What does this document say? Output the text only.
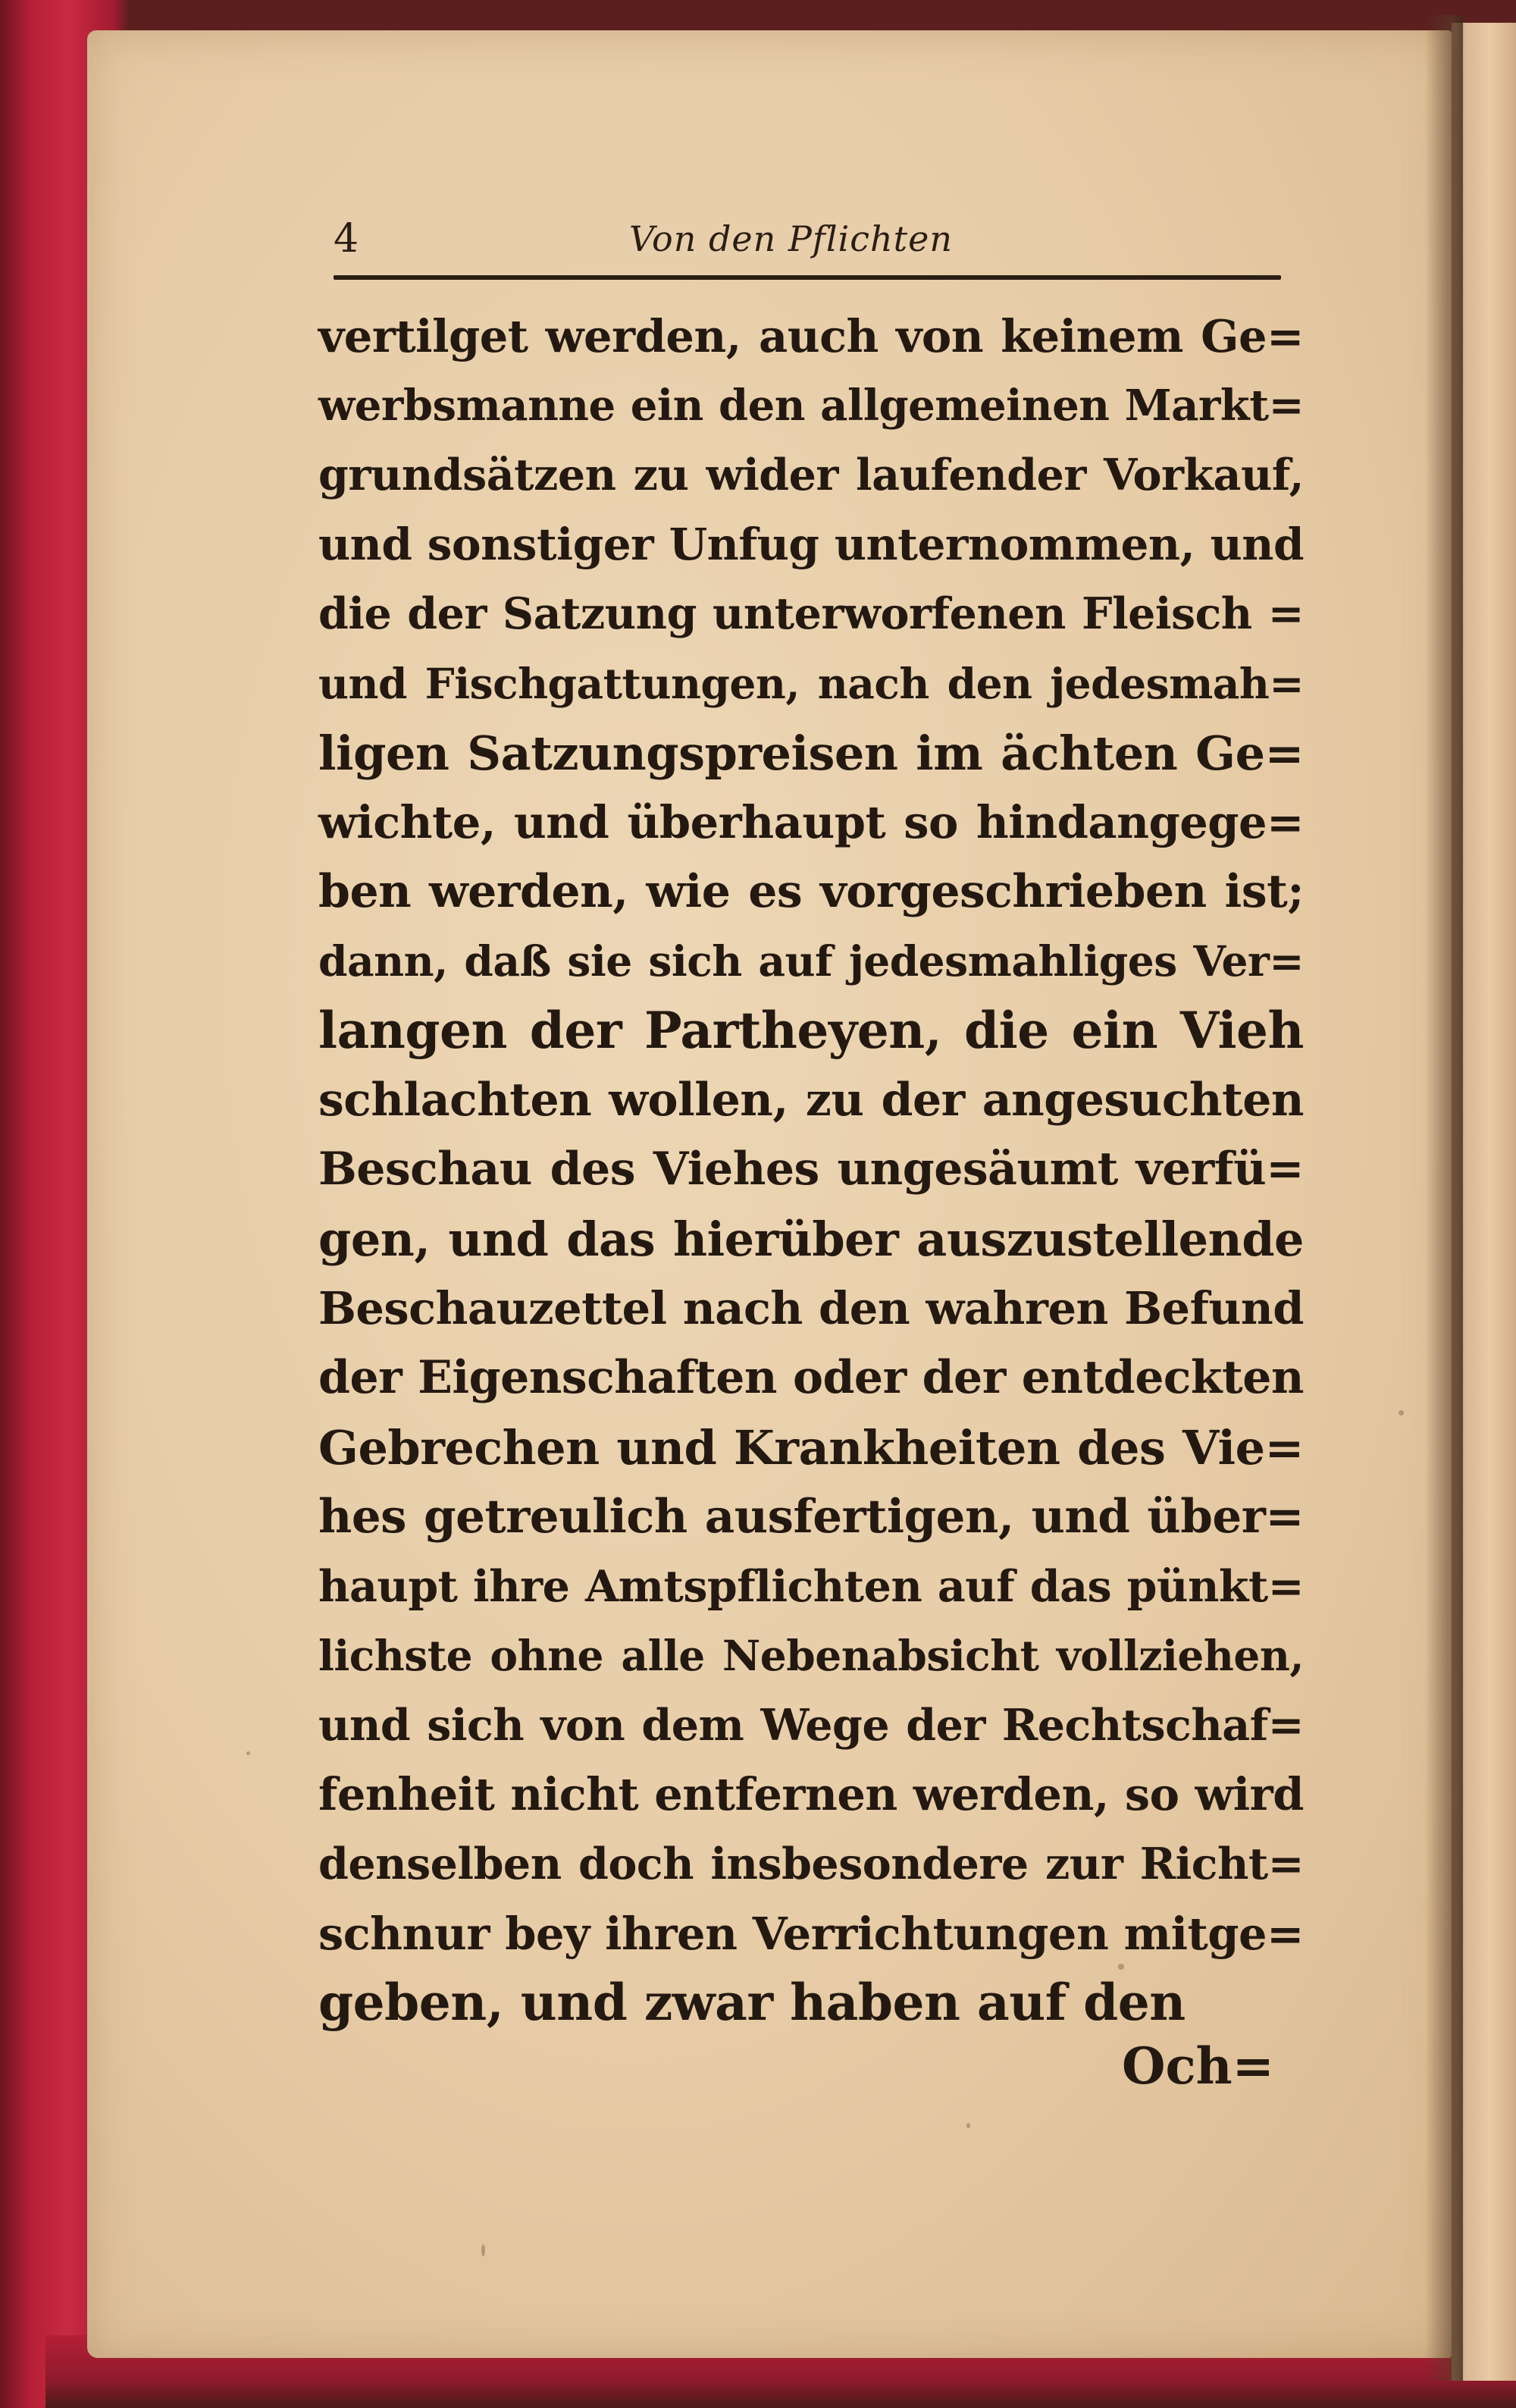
4	Von den Pflichten
vertilget werden, auch von keinem Ge=
werbsmanne ein den allgemeinen Markt=
grundsätzen zu wider laufender Vorkauf,
und sonstiger Unfug unternommen, und
die der Satzung unterworfenen Fleisch =
und Fischgattungen, nach den jedesmah=
ligen Satzungspreisen im ächten Ge=
wichte, und überhaupt so hindangege=
ben werden, wie es vorgeschrieben ist;
dann, daß sie sich auf jedesmahliges Ver=
langen der Partheyen, die ein Vieh
schlachten wollen, zu der angesuchten
Beschau des Viehes ungesäumt verfü=
gen, und das hierüber auszustellende
Beschauzettel nach den wahren Befund
der Eigenschaften oder der entdeckten
Gebrechen und Krankheiten des Vie=
hes getreulich ausfertigen, und über=
haupt ihre Amtspflichten auf das pünkt=
lichste ohne alle Nebenabsicht vollziehen,
und sich von dem Wege der Rechtschaf=
fenheit nicht entfernen werden, so wird
denselben doch insbesondere zur Richt=
schnur bey ihren Verrichtungen mitge=
geben, und zwar haben auf den
Och=
